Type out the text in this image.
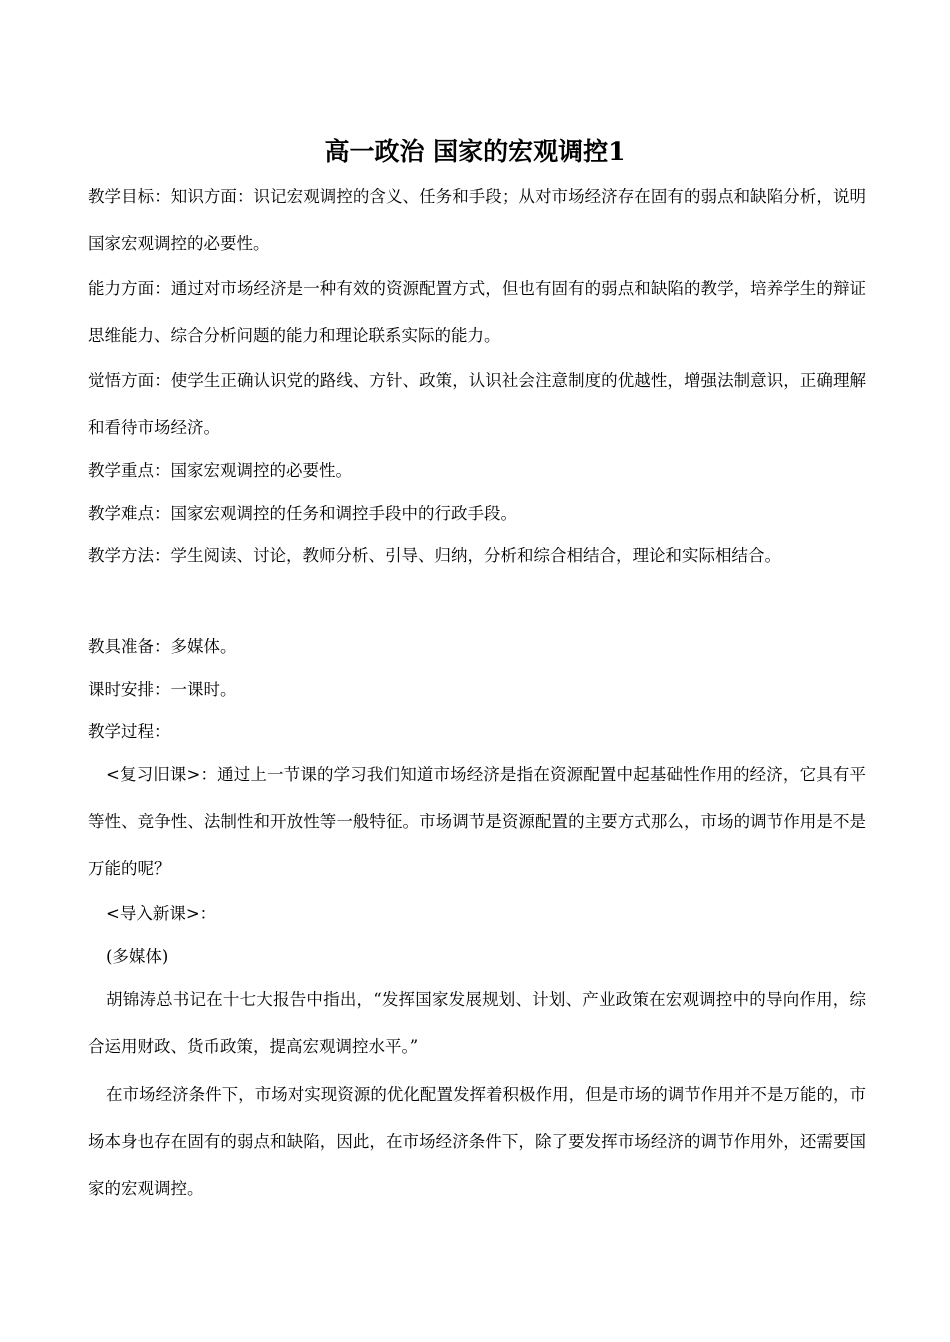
高一政治 国家的宏观调控1

教学目标：知识方面：识记宏观调控的含义、任务和手段；从对市场经济存在固有的弱点和缺陷分析，说明国家宏观调控的必要性。

能力方面：通过对市场经济是一种有效的资源配置方式，但也有固有的弱点和缺陷的教学，培养学生的辩证思维能力、综合分析问题的能力和理论联系实际的能力。

觉悟方面：使学生正确认识党的路线、方针、政策，认识社会注意制度的优越性，增强法制意识，正确理解和看待市场经济。

教学重点：国家宏观调控的必要性。

教学难点：国家宏观调控的任务和调控手段中的行政手段。

教学方法：学生阅读、讨论，教师分析、引导、归纳，分析和综合相结合，理论和实际相结合。

教具准备：多媒体。

课时安排：一课时。

教学过程：

<复习旧课>：通过上一节课的学习我们知道市场经济是指在资源配置中起基础性作用的经济，它具有平等性、竞争性、法制性和开放性等一般特征。市场调节是资源配置的主要方式那么，市场的调节作用是不是万能的呢？

<导入新课>：

(多媒体)

胡锦涛总书记在十七大报告中指出，“发挥国家发展规划、计划、产业政策在宏观调控中的导向作用，综合运用财政、货币政策，提高宏观调控水平。”

在市场经济条件下，市场对实现资源的优化配置发挥着积极作用，但是市场的调节作用并不是万能的，市场本身也存在固有的弱点和缺陷，因此，在市场经济条件下，除了要发挥市场经济的调节作用外，还需要国家的宏观调控。
